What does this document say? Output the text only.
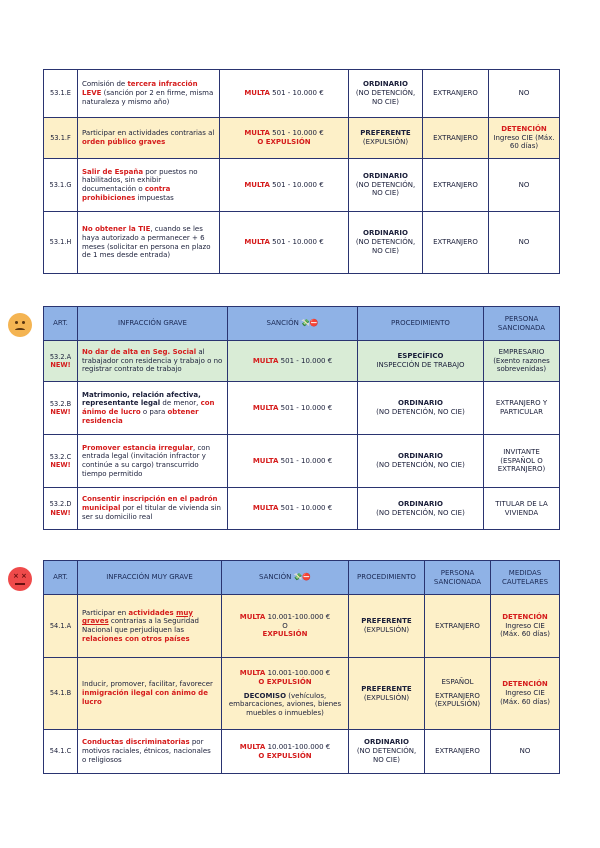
53.1.E	Comisión de tercera infracción LEVE (sanción por 2 en firme, misma naturaleza y mismo año)	MULTA 501 - 10.000 €	ORDINARIO
(NO DETENCIÓN, NO CIE)	EXTRANJERO	NO
53.1.F	Participar en actividades contrarias al orden público graves	MULTA 501 - 10.000 €
O EXPULSIÓN	PREFERENTE
(EXPULSIÓN)	EXTRANJERO	DETENCIÓN
Ingreso CIE (Máx. 60 días)
53.1.G	Salir de España por puestos no habilitados, sin exhibir documentación o contra prohibiciones impuestas	MULTA 501 - 10.000 €	ORDINARIO
(NO DETENCIÓN, NO CIE)	EXTRANJERO	NO
53.1.H	No obtener la TIE, cuando se les haya autorizado a permanecer + 6 meses (solicitar en persona en plazo de 1 mes desde entrada)	MULTA 501 - 10.000 €	ORDINARIO
(NO DETENCIÓN, NO CIE)	EXTRANJERO	NO
ART.	INFRACCIÓN GRAVE	SANCIÓN 💸⛔	PROCEDIMIENTO	PERSONA SANCIONADA
53.2.A
NEW!	No dar de alta en Seg. Social al trabajador con residencia y trabajo o no registrar contrato de trabajo	MULTA 501 - 10.000 €	ESPECÍFICO
INSPECCIÓN DE TRABAJO	EMPRESARIO
(Exento razones sobrevenidas)
53.2.B
NEW!	Matrimonio, relación afectiva, representante legal de menor, con ánimo de lucro o para obtener residencia	MULTA 501 - 10.000 €	ORDINARIO
(NO DETENCIÓN, NO CIE)	EXTRANJERO Y PARTICULAR
53.2.C
NEW!	Promover estancia irregular, con entrada legal (invitación infractor y continúe a su cargo) transcurrido tiempo permitido	MULTA 501 - 10.000 €	ORDINARIO
(NO DETENCIÓN, NO CIE)	INVITANTE (ESPAÑOL O EXTRANJERO)
53.2.D
NEW!	Consentir inscripción en el padrón municipal por el titular de vivienda sin ser su domicilio real	MULTA 501 - 10.000 €	ORDINARIO
(NO DETENCIÓN, NO CIE)	TITULAR DE LA VIVIENDA
× ×	ART.	INFRACCIÓN MUY GRAVE	SANCIÓN 💸⛔	PROCEDIMIENTO	PERSONA SANCIONADA	MEDIDAS CAUTELARES
54.1.A	Participar en actividades muy graves contrarias a la Seguridad Nacional que perjudiquen las relaciones con otros países	MULTA 10.001-100.000 €
O
EXPULSIÓN	PREFERENTE
(EXPULSIÓN)	EXTRANJERO	DETENCIÓN
Ingreso CIE (Máx. 60 días)
54.1.B	Inducir, promover, facilitar, favorecer inmigración ilegal con ánimo de lucro	MULTA 10.001-100.000 €
O EXPULSIÓN

DECOMISO (vehículos, embarcaciones, aviones, bienes muebles o inmuebles)	PREFERENTE
(EXPULSIÓN)	ESPAÑOL

EXTRANJERO (EXPULSIÓN)	DETENCIÓN
Ingreso CIE (Máx. 60 días)
54.1.C	Conductas discriminatorias por motivos raciales, étnicos, nacionales o religiosos	MULTA 10.001-100.000 €
O EXPULSIÓN	ORDINARIO
(NO DETENCIÓN, NO CIE)	EXTRANJERO	NO
